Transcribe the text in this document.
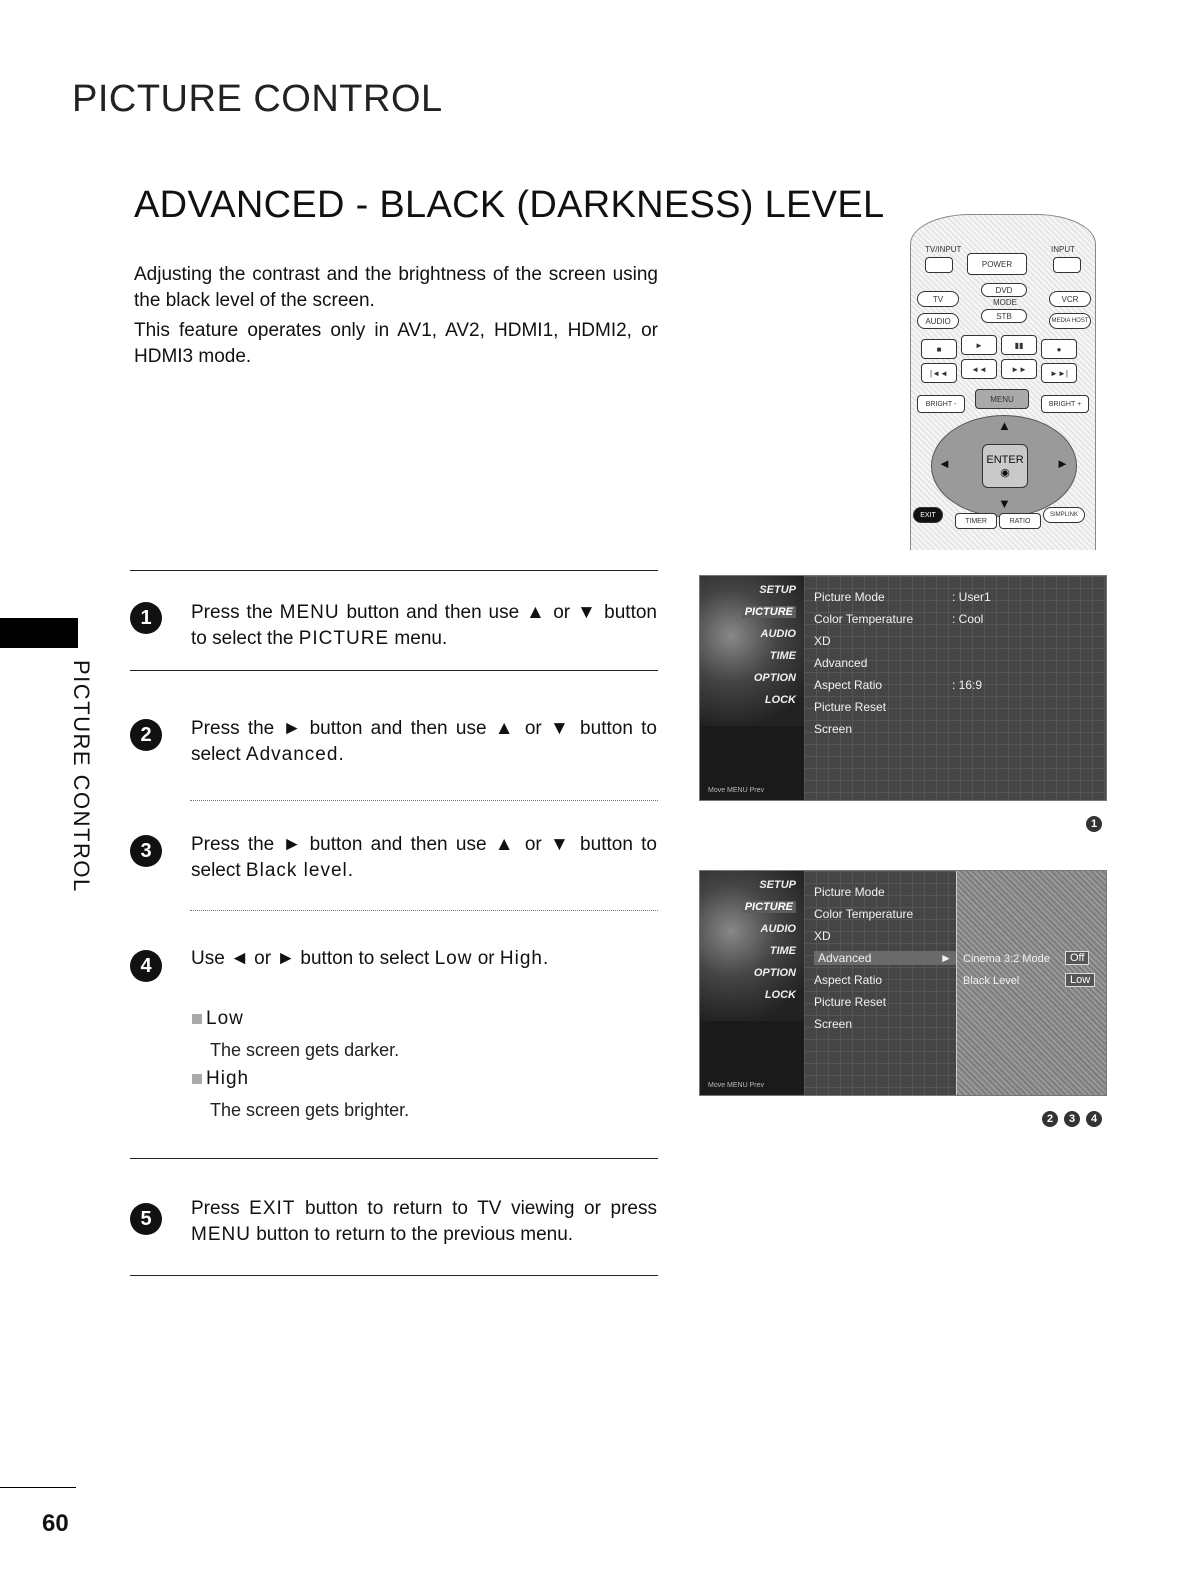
PICTURE CONTROL
ADVANCED - BLACK (DARKNESS) LEVEL
Adjusting the contrast and the brightness of the screen using the black level of the screen.
This feature operates only in AV1, AV2, HDMI1, HDMI2, or HDMI3 mode.
1	Press the MENU button and then use ▲ or ▼ button to select the PICTURE menu.
2	Press the ► button and then use ▲ or ▼ button to select Advanced.
3	Press the ► button and then use ▲ or ▼ button to select Black level.
4	Use ◄ or ► button to select Low or High.
Low
The screen gets darker.
High
The screen gets brighter.
5	Press EXIT button to return to TV viewing or press MENU button to return to the previous menu.
PICTURE CONTROL
60
TV/INPUT	INPUT
POWER
TV
DVD
VCR
MODE
AUDIO
STB
MEDIA HOST
■	►	▮▮	●
|◄◄	◄◄	►►	►►|
BRIGHT -
MENU
BRIGHT +
▲
▼
◄	►
ENTER
◉
EXIT
TIMER	RATIO
SIMPLINK
SETUP
PICTURE
AUDIO
TIME
OPTION
LOCK
Move MENU Prev
Picture Mode	: User1
Color Temperature	: Cool
XD
Advanced
Aspect Ratio	: 16:9
Picture Reset
Screen
1
SETUP
PICTURE
AUDIO
TIME
OPTION
LOCK
Move MENU Prev
Picture Mode
Color Temperature
XD
Advanced	►
Aspect Ratio
Picture Reset
Screen
Cinema 3:2 Mode	Off
Black Level	Low
2	3	4
